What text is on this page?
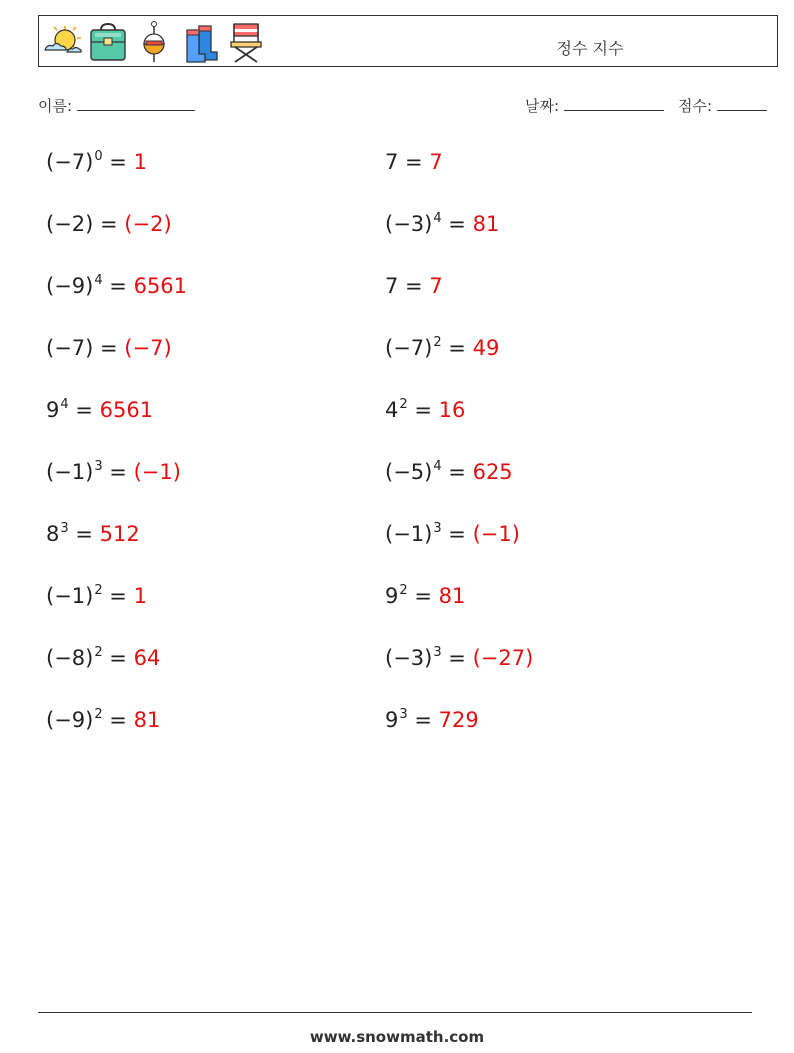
정수 지수
이름:	날짜:	점수:
$(-7)^0 = 1$	7 = 7
(−2) = (−2)	$(-3)^4 = 81$
$(-9)^4 = 6561$	7 = 7
(−7) = (−7)	$(-7)^2 = 49$
$9^4 = 6561$	$4^2 = 16$
$(-1)^3 = (-1)$	$(-5)^4 = 625$
$8^3 = 512$	$(-1)^3 = (-1)$
$(-1)^2 = 1$	$9^2 = 81$
$(-8)^2 = 64$	$(-3)^3 = (-27)$
$(-9)^2 = 81$	$9^3 = 729$
www.snowmath.com
